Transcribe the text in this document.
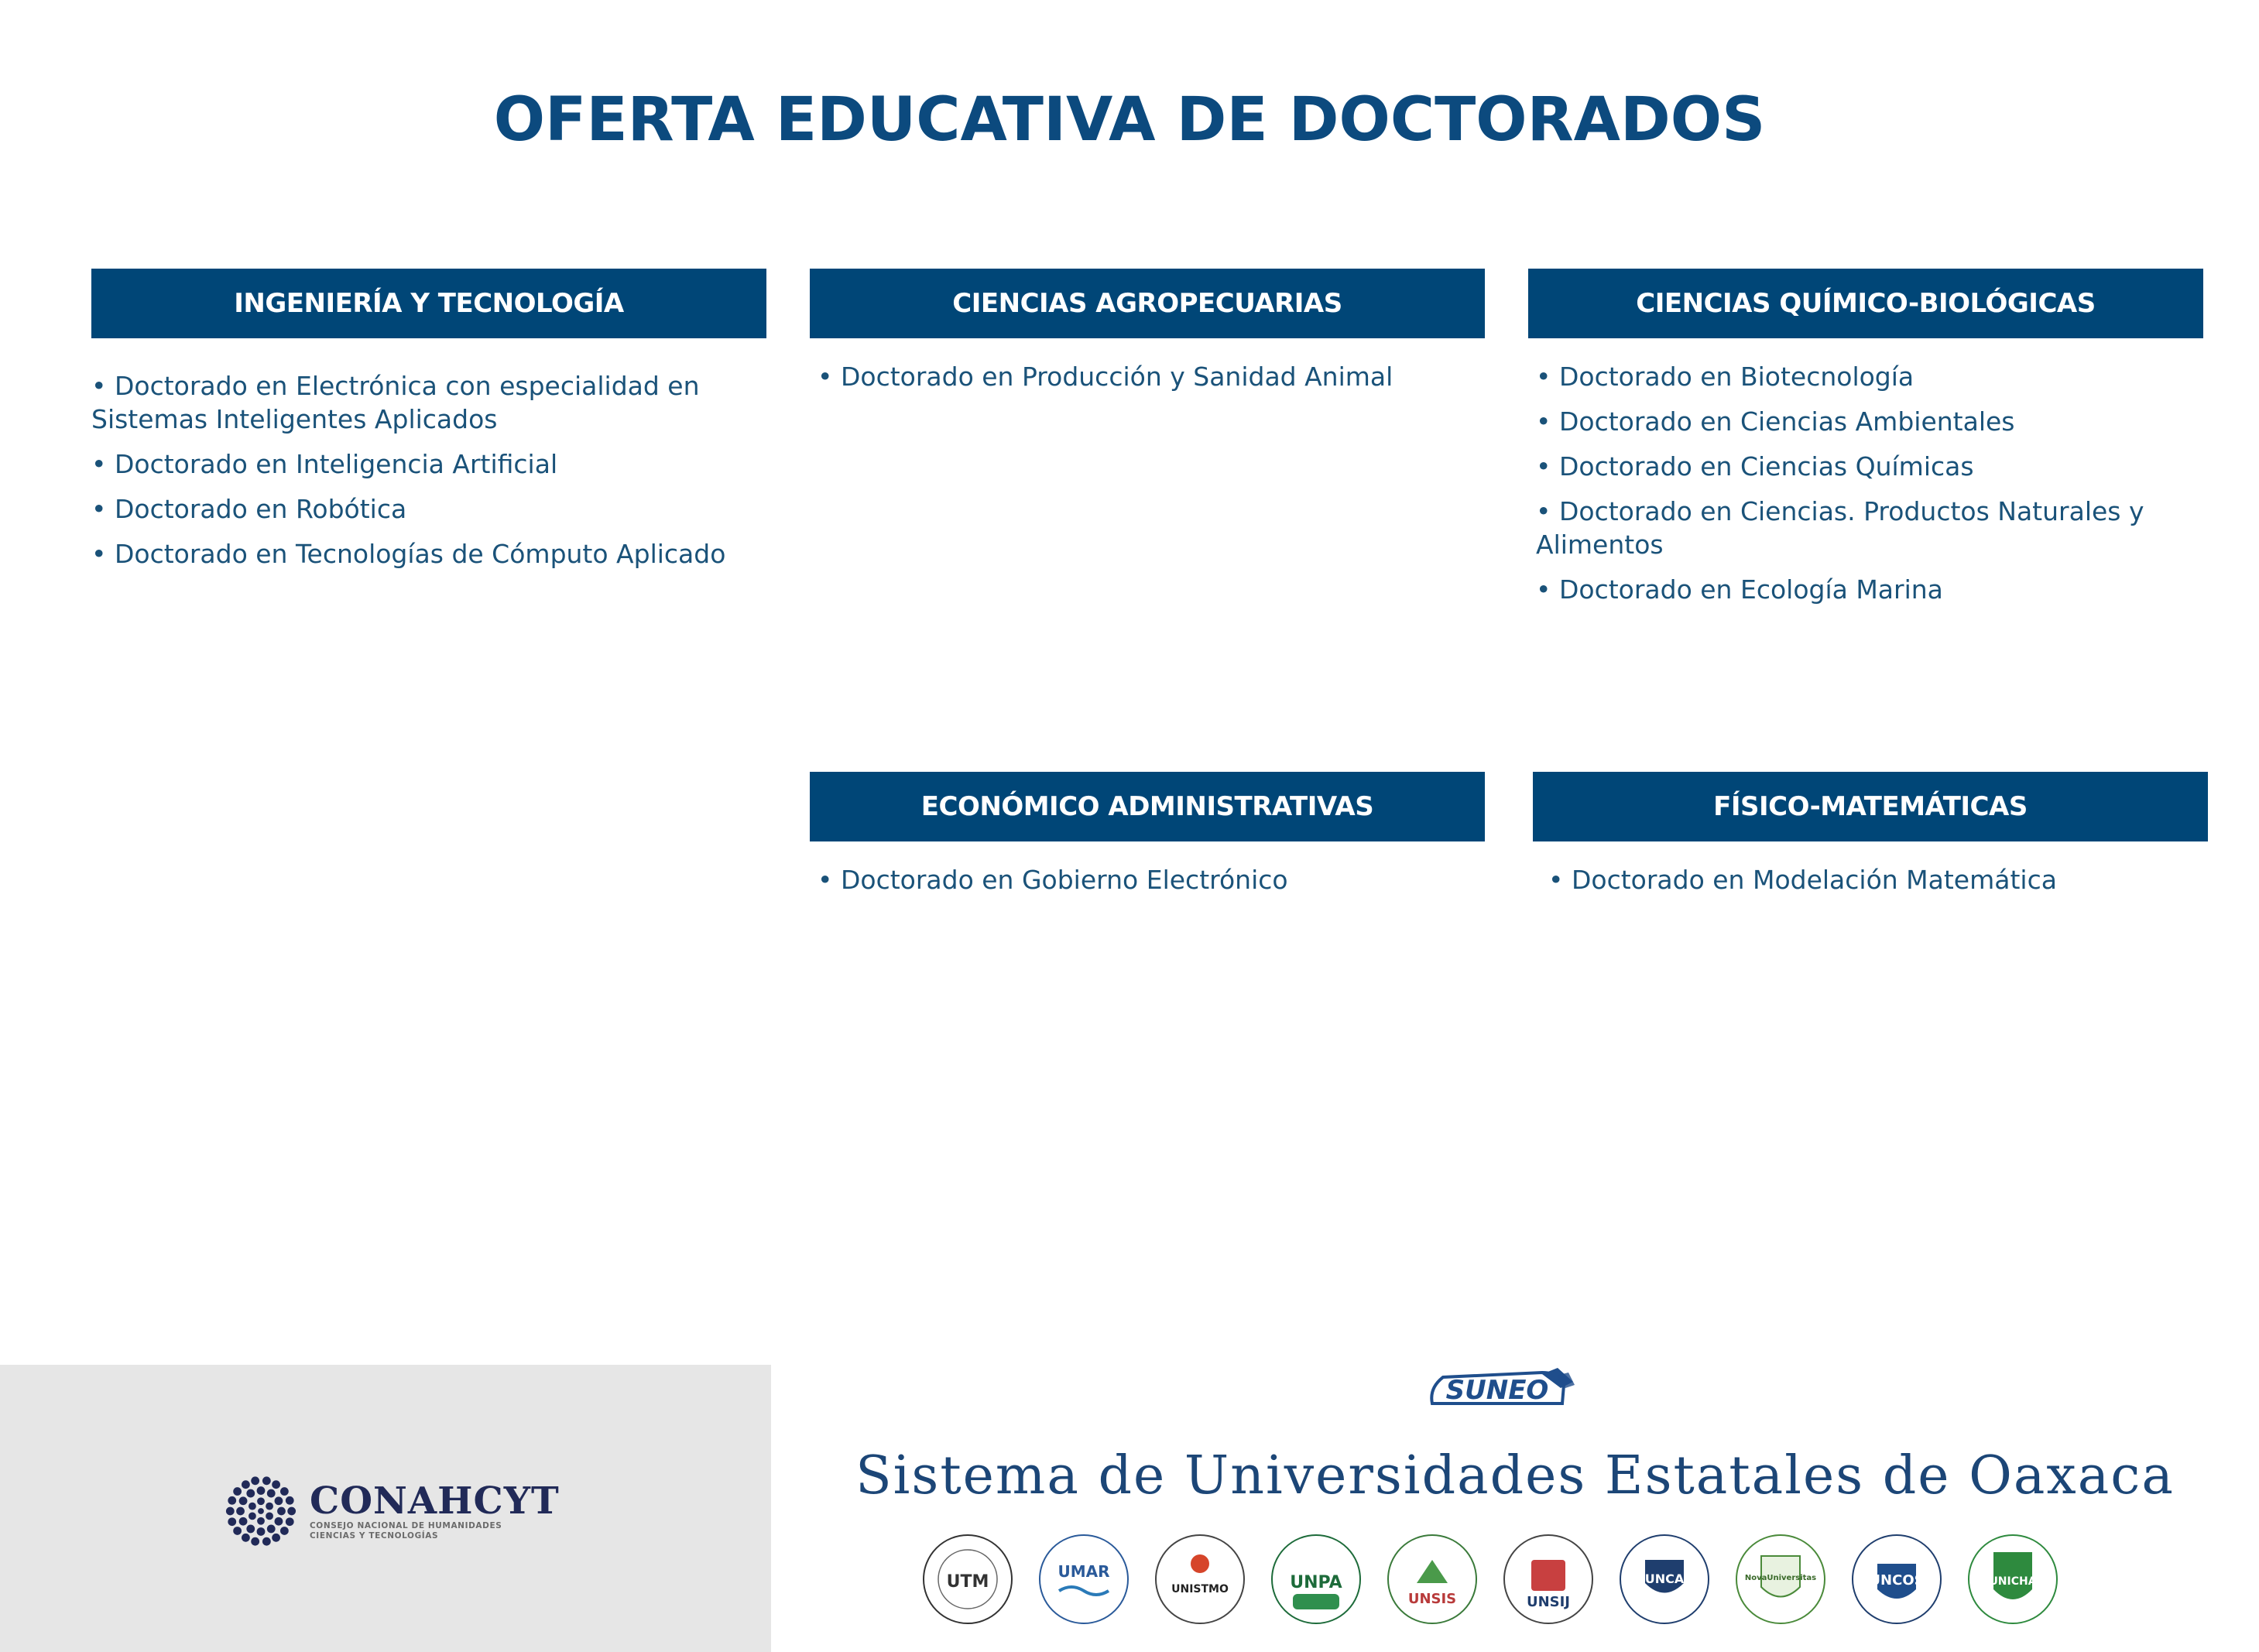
OFERTA EDUCATIVA DE DOCTORADOS
INGENIERÍA Y TECNOLOGÍA
• Doctorado en Electrónica con especialidad en Sistemas Inteligentes Aplicados
• Doctorado en Inteligencia Artificial
• Doctorado en Robótica
• Doctorado en Tecnologías de Cómputo Aplicado
CIENCIAS AGROPECUARIAS
• Doctorado en Producción y Sanidad Animal
CIENCIAS QUÍMICO-BIOLÓGICAS
• Doctorado en Biotecnología
• Doctorado en Ciencias Ambientales
• Doctorado en Ciencias Químicas
• Doctorado en Ciencias. Productos Naturales y Alimentos
• Doctorado en Ecología Marina
ECONÓMICO ADMINISTRATIVAS
• Doctorado en Gobierno Electrónico
FÍSICO-MATEMÁTICAS
• Doctorado en Modelación Matemática
CONAHCYT
CONSEJO NACIONAL DE HUMANIDADES
CIENCIAS Y TECNOLOGÍAS
SUNEO
Sistema de Universidades Estatales de Oaxaca
UTM
UMAR
UNISTMO	UNPA
UNSIS	UNSIJ
UNCA	NovaUniversitas	UNCOS	UNICHA
